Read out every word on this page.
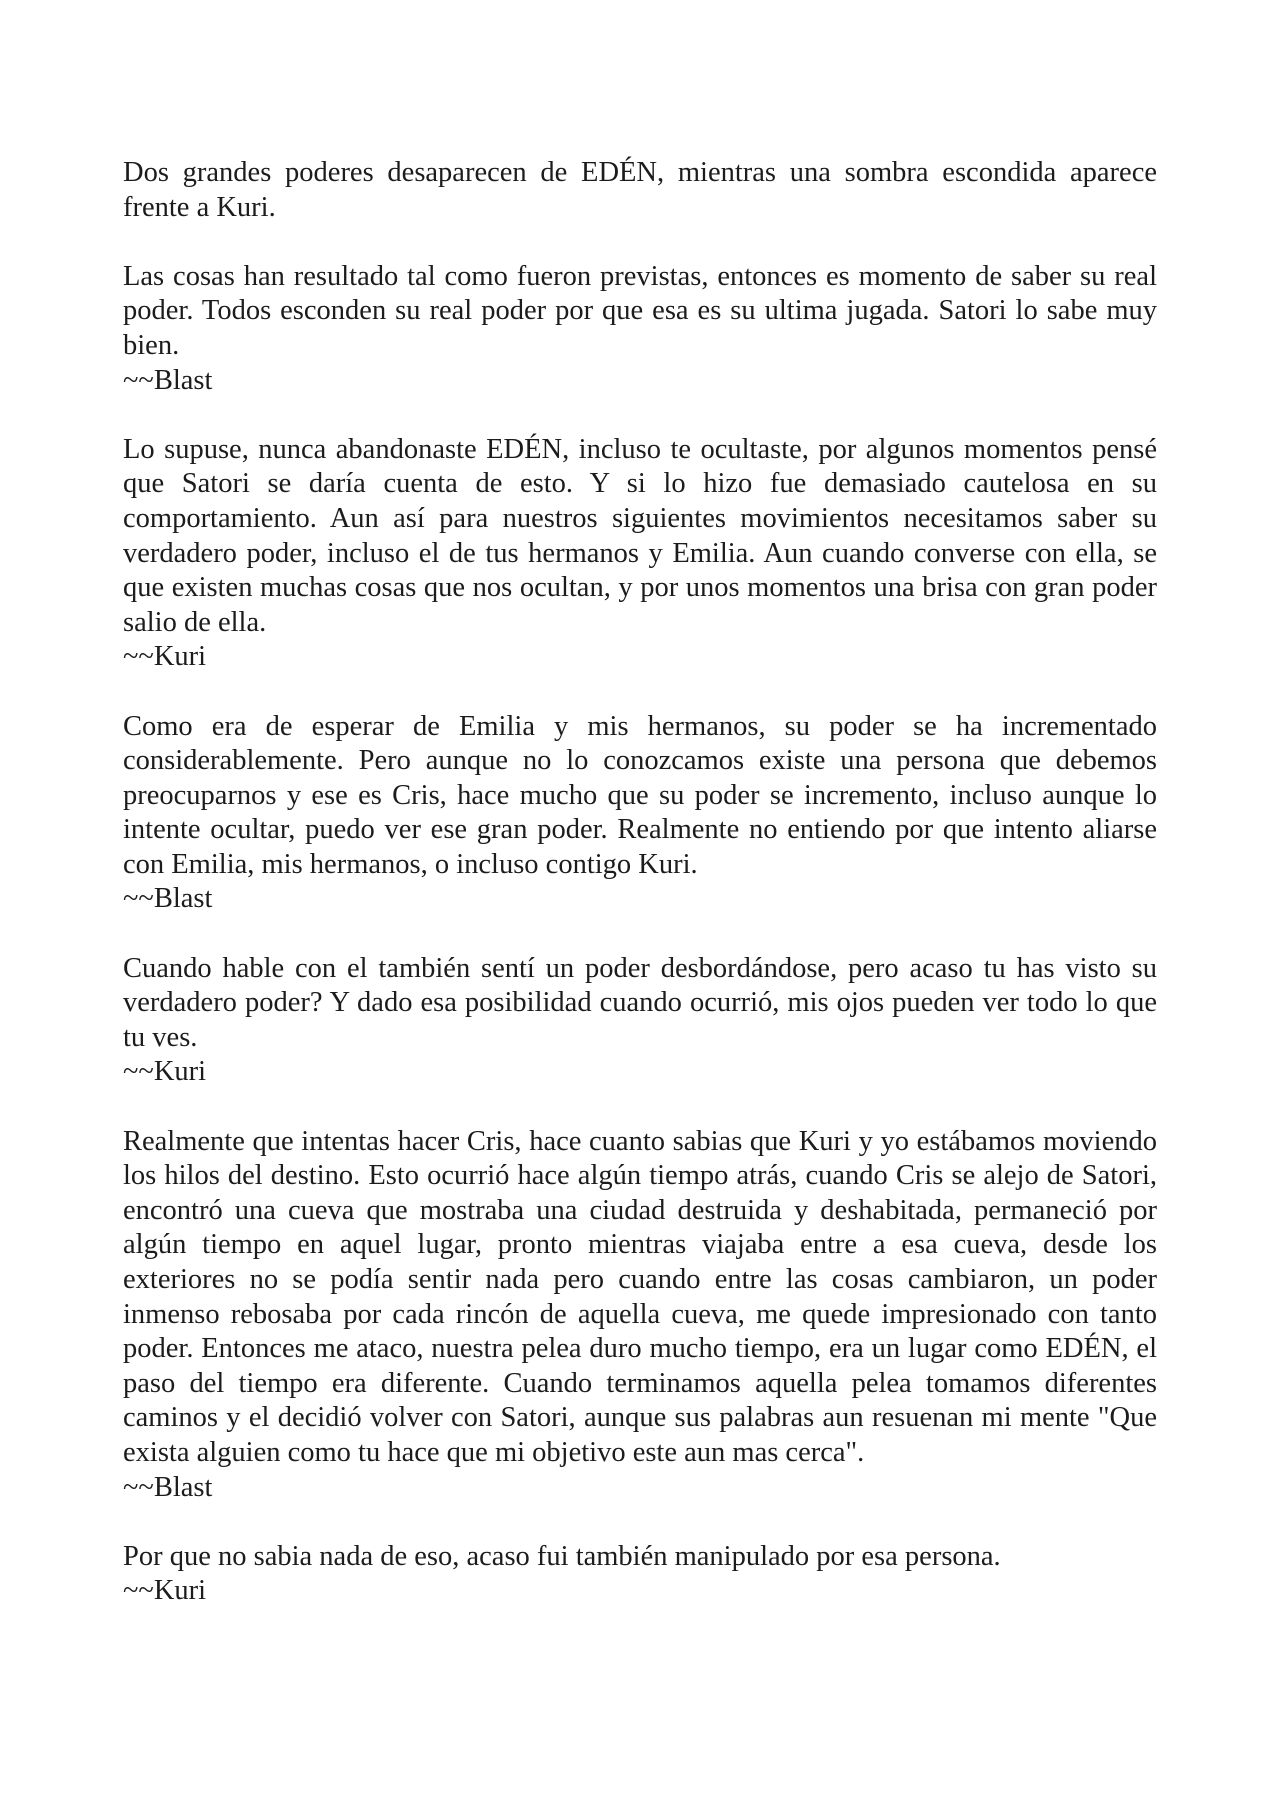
Dos grandes poderes desaparecen de EDÉN, mientras una sombra escondida aparece frente a Kuri.

Las cosas han resultado tal como fueron previstas, entonces es momento de saber su real poder. Todos esconden su real poder por que esa es su ultima jugada. Satori lo sabe muy bien.

~~Blast

Lo supuse, nunca abandonaste EDÉN, incluso te ocultaste, por algunos momentos pensé que Satori se daría cuenta de esto. Y si lo hizo fue demasiado cautelosa en su comportamiento. Aun así para nuestros siguientes movimientos necesitamos saber su verdadero poder, incluso el de tus hermanos y Emilia. Aun cuando converse con ella, se que existen muchas cosas que nos ocultan, y por unos momentos una brisa con gran poder salio de ella.

~~Kuri

Como era de esperar de Emilia y mis hermanos, su poder se ha incrementado considerablemente. Pero aunque no lo conozcamos existe una persona que debemos preocuparnos y ese es Cris, hace mucho que su poder se incremento, incluso aunque lo intente ocultar, puedo ver ese gran poder. Realmente no entiendo por que intento aliarse con Emilia, mis hermanos, o incluso contigo Kuri.

~~Blast

Cuando hable con el también sentí un poder desbordándose, pero acaso tu has visto su verdadero poder? Y dado esa posibilidad cuando ocurrió, mis ojos pueden ver todo lo que tu ves.

~~Kuri

Realmente que intentas hacer Cris, hace cuanto sabias que Kuri y yo estábamos moviendo los hilos del destino. Esto ocurrió hace algún tiempo atrás, cuando Cris se alejo de Satori, encontró una cueva que mostraba una ciudad destruida y deshabitada, permaneció por algún tiempo en aquel lugar, pronto mientras viajaba entre a esa cueva, desde los exteriores no se podía sentir nada pero cuando entre las cosas cambiaron, un poder inmenso rebosaba por cada rincón de aquella cueva, me quede impresionado con tanto poder. Entonces me ataco, nuestra pelea duro mucho tiempo, era un lugar como EDÉN, el paso del tiempo era diferente. Cuando terminamos aquella pelea tomamos diferentes caminos y el decidió volver con Satori, aunque sus palabras aun resuenan mi mente "Que exista alguien como tu hace que mi objetivo este aun mas cerca".

~~Blast

Por que no sabia nada de eso, acaso fui también manipulado por esa persona.

~~Kuri
